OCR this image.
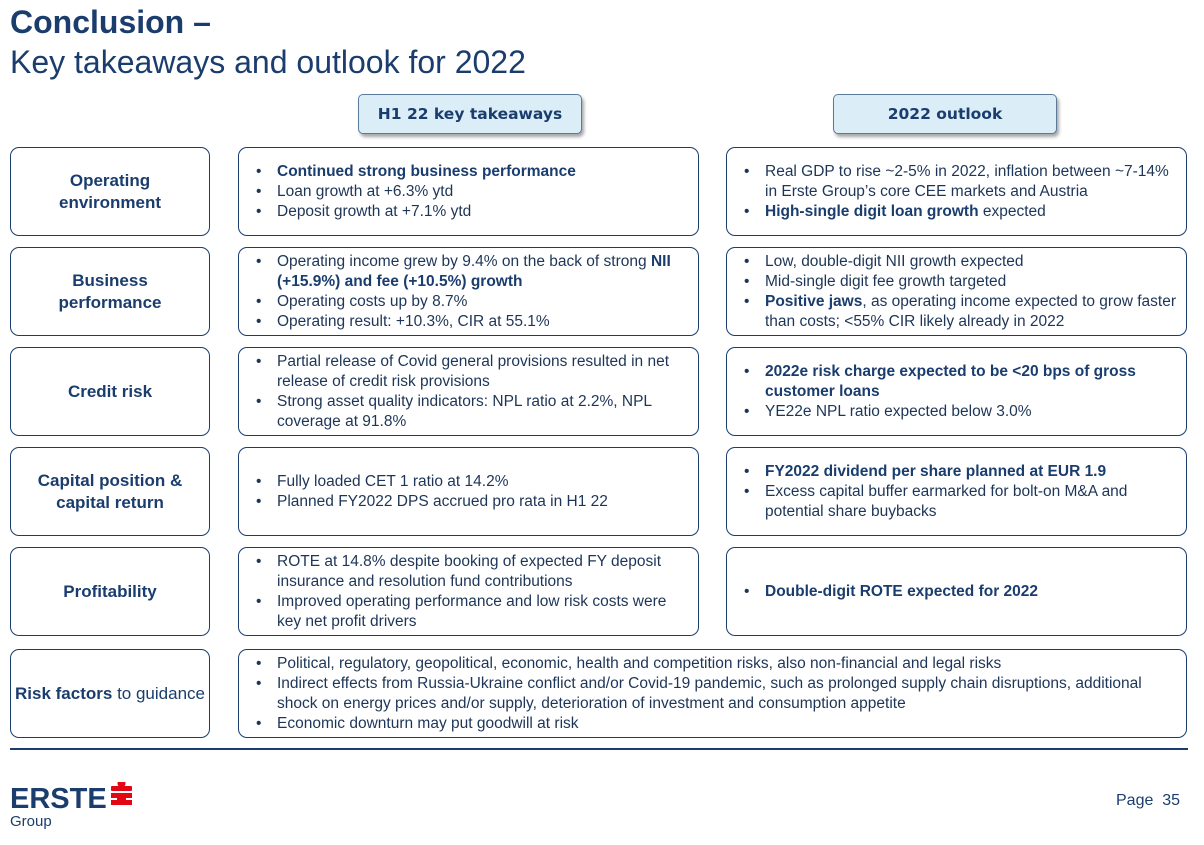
Conclusion –
Key takeaways and outlook for 2022
H1 22 key takeaways	2022 outlook
Operating environment
• Continued strong business performance
• Loan growth at +6.3% ytd
• Deposit growth at +7.1% ytd
• Real GDP to rise ~2-5% in 2022, inflation between ~7-14% in Erste Group’s core CEE markets and Austria
• High-single digit loan growth expected
Business performance
• Operating income grew by 9.4% on the back of strong NII (+15.9%) and fee (+10.5%) growth
• Operating costs up by 8.7%
• Operating result: +10.3%, CIR at 55.1%
• Low, double-digit NII growth expected
• Mid-single digit fee growth targeted
• Positive jaws, as operating income expected to grow faster than costs; <55% CIR likely already in 2022
Credit risk
• Partial release of Covid general provisions resulted in net release of credit risk provisions
• Strong asset quality indicators: NPL ratio at 2.2%, NPL coverage at 91.8%
• 2022e risk charge expected to be <20 bps of gross customer loans
• YE22e NPL ratio expected below 3.0%
Capital position & capital return
• Fully loaded CET 1 ratio at 14.2%
• Planned FY2022 DPS accrued pro rata in H1 22
• FY2022 dividend per share planned at EUR 1.9
• Excess capital buffer earmarked for bolt-on M&A and potential share buybacks
Profitability
• ROTE at 14.8% despite booking of expected FY deposit insurance and resolution fund contributions
• Improved operating performance and low risk costs were key net profit drivers
• Double-digit ROTE expected for 2022
Risk factors to guidance
• Political, regulatory, geopolitical, economic, health and competition risks, also non-financial and legal risks
• Indirect effects from Russia-Ukraine conflict and/or Covid-19 pandemic, such as prolonged supply chain disruptions, additional shock on energy prices and/or supply, deterioration of investment and consumption appetite
• Economic downturn may put goodwill at risk
ERSTE
Group
Page 35
